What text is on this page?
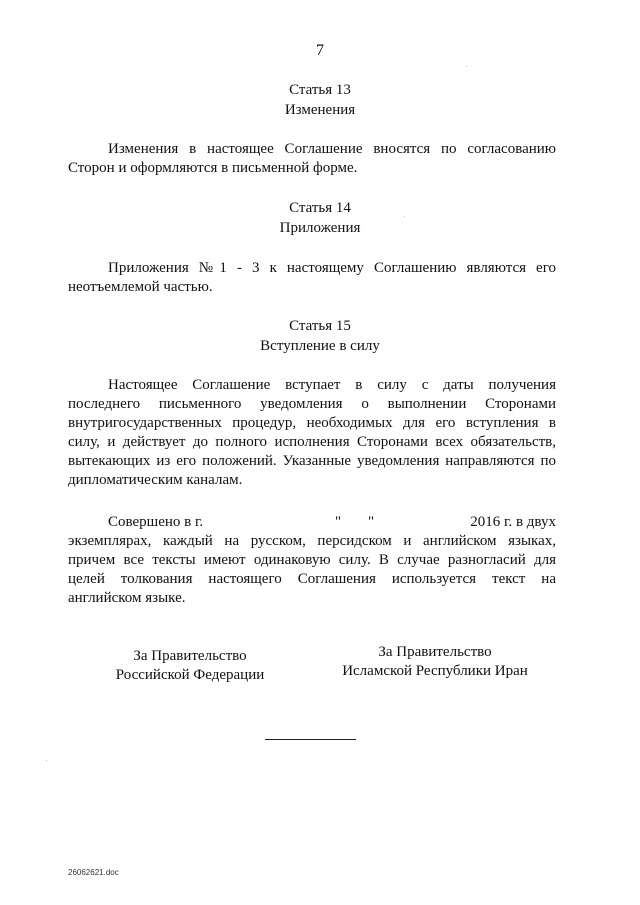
7
Статья 13
Изменения
Изменения в настоящее Соглашение вносятся по согласованию
Сторон и оформляются в письменной форме.
Статья 14
Приложения
Приложения №1 - 3 к настоящему Соглашению являются его
неотъемлемой частью.
Статья 15
Вступление в силу
Настоящее Соглашение вступает в силу с даты получения
последнего письменного уведомления о выполнении Сторонами
внутригосударственных процедур, необходимых для его вступления в
силу, и действует до полного исполнения Сторонами всех обязательств,
вытекающих из его положений. Указанные уведомления направляются по
дипломатическим каналам.
Совершено в г.	" "	2016 г. в двух
экземплярах, каждый на русском, персидском и английском языках,
причем все тексты имеют одинаковую силу. В случае разногласий для
целей толкования настоящего Соглашения используется текст на
английском языке.
За Правительство
Российской Федерации
За Правительство
Исламской Республики Иран
26062621.doc
